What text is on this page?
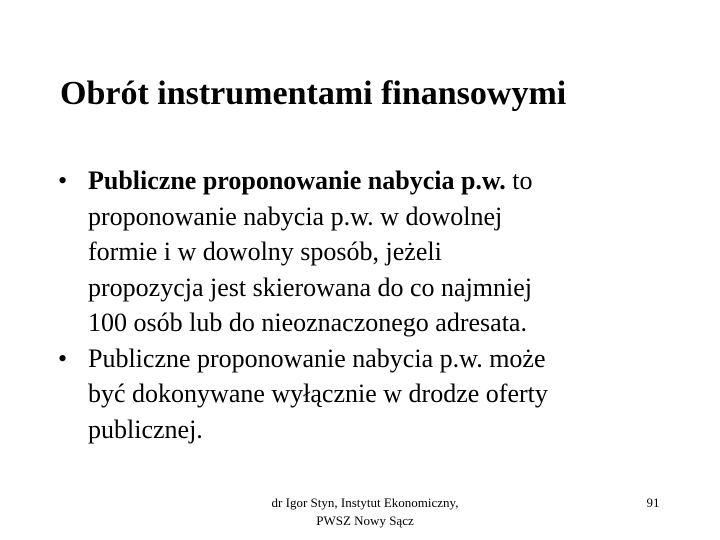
Obrót instrumentami finansowymi
• Publiczne proponowanie nabycia p.w. to
proponowanie nabycia p.w. w dowolnej
formie i w dowolny sposób, jeżeli
propozycja jest skierowana do co najmniej
100 osób lub do nieoznaczonego adresata.
• Publiczne proponowanie nabycia p.w. może
być dokonywane wyłącznie w drodze oferty
publicznej.
dr Igor Styn, Instytut Ekonomiczny,
PWSZ Nowy Sącz
91
